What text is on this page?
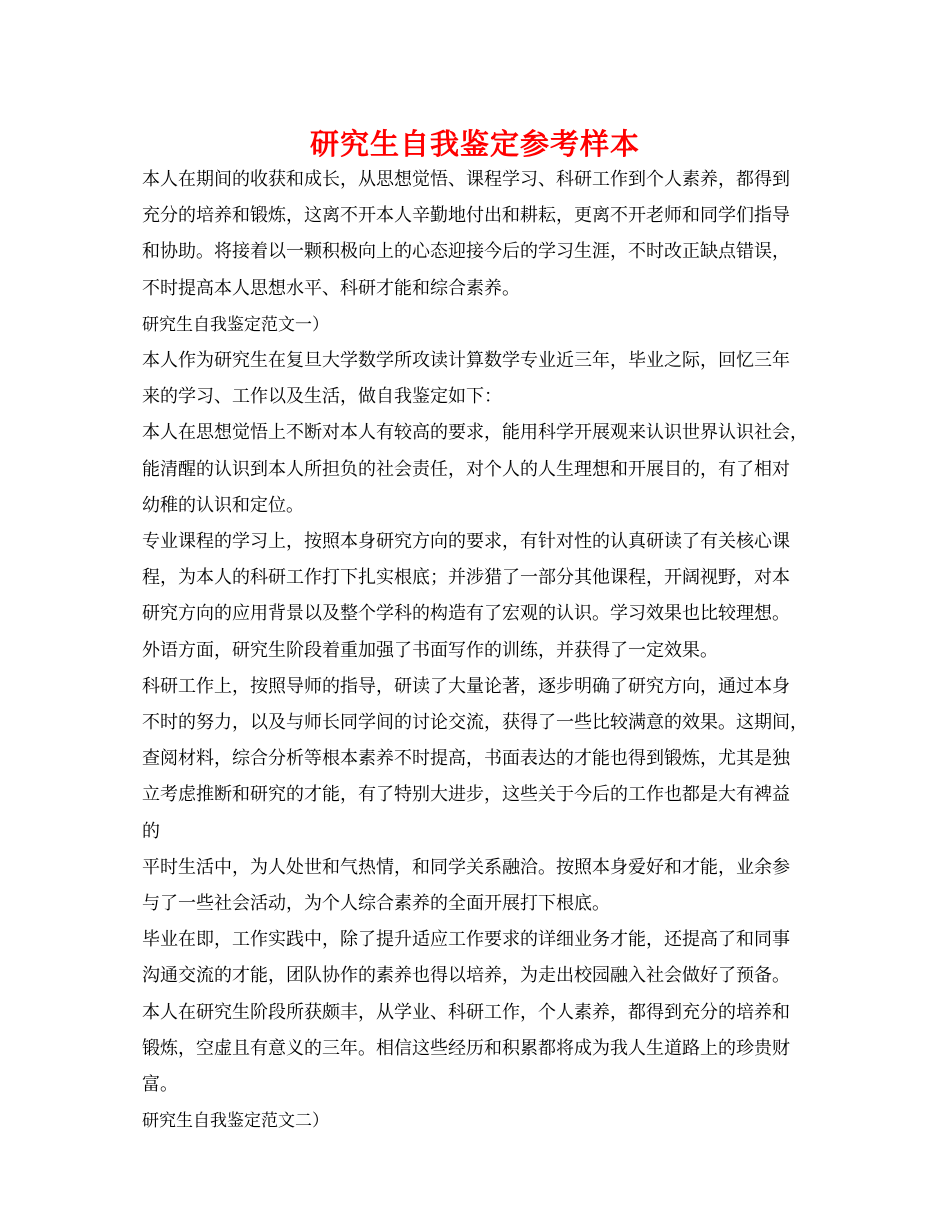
研究生自我鉴定参考样本

本人在期间的收获和成长，从思想觉悟、课程学习、科研工作到个人素养，都得到

充分的培养和锻炼，这离不开本人辛勤地付出和耕耘，更离不开老师和同学们指导

和协助。将接着以一颗积极向上的心态迎接今后的学习生涯，不时改正缺点错误，

不时提高本人思想水平、科研才能和综合素养。

研究生自我鉴定范文一）

本人作为研究生在复旦大学数学所攻读计算数学专业近三年，毕业之际，回忆三年

来的学习、工作以及生活，做自我鉴定如下：

本人在思想觉悟上不断对本人有较高的要求，能用科学开展观来认识世界认识社会，

能清醒的认识到本人所担负的社会责任，对个人的人生理想和开展目的，有了相对

幼稚的认识和定位。

专业课程的学习上，按照本身研究方向的要求，有针对性的认真研读了有关核心课

程，为本人的科研工作打下扎实根底；并涉猎了一部分其他课程，开阔视野，对本

研究方向的应用背景以及整个学科的构造有了宏观的认识。学习效果也比较理想。

外语方面，研究生阶段着重加强了书面写作的训练，并获得了一定效果。

科研工作上，按照导师的指导，研读了大量论著，逐步明确了研究方向，通过本身

不时的努力，以及与师长同学间的讨论交流，获得了一些比较满意的效果。这期间，

查阅材料，综合分析等根本素养不时提高，书面表达的才能也得到锻炼，尤其是独

立考虑推断和研究的才能，有了特别大进步，这些关于今后的工作也都是大有裨益

的

平时生活中，为人处世和气热情，和同学关系融洽。按照本身爱好和才能，业余参

与了一些社会活动，为个人综合素养的全面开展打下根底。

毕业在即，工作实践中，除了提升适应工作要求的详细业务才能，还提高了和同事

沟通交流的才能，团队协作的素养也得以培养，为走出校园融入社会做好了预备。

本人在研究生阶段所获颇丰，从学业、科研工作，个人素养，都得到充分的培养和

锻炼，空虚且有意义的三年。相信这些经历和积累都将成为我人生道路上的珍贵财

富。

研究生自我鉴定范文二）
